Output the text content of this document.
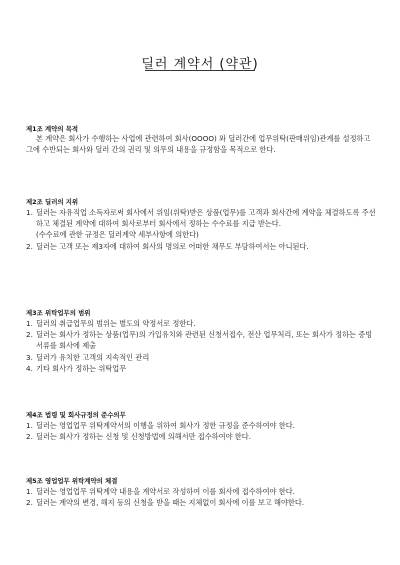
딜러 계약서 (약관)
제1조 계약의 목적

본 계약은 회사가 수행하는 사업에 관련하여 회사(OOOO) 와 딜러간에 업무위탁(판매위임)관계를 설정하고 그에 수반되는 회사와 딜러 간의 권리 및 의무의 내용을 규정함을 목적으로 한다.

제2조 딜러의 지위
1. 딜러는 자유직업 소득자로써 회사에서 위임(위탁)받은 상품(업무)를 고객과 회사간에 계약을 체결하도록 주선하고 체결된 계약에 대하여 회사로부터 회사에서 정하는 수수료를 지급 받는다.
(수수료에 관한 규정은 딜러계약 세부사항에 의한다)
2. 딜러는 고객 또는 제3자에 대하여 회사의 명의로 어떠한 채무도 부담하여서는 아니된다.
제3조 위탁업무의 범위
1. 딜러의 취급업무의 범위는 별도의 약정서로 정한다.
2. 딜러는 회사가 정하는 상품(업무)의 가입유치와 관련된 신청서접수, 전산 업무처리, 또는 회사가 정하는 증빙서류를 회사에 제출
3. 딜러가 유치한 고객의 지속적인 관리
4. 기타 회사가 정하는 위탁업무
제4조 법령 및 회사규정의 준수의무
1. 딜러는 영업업무 위탁계약서의 이행을 위하여 회사가 정한 규정을 준수하여야 한다.
2. 딜러는 회사가 정하는 신청 및 신청방법에 의해서만 접수하여야 한다.
제5조 영업업무 위탁계약의 체결
1. 딜러는 영업업무 위탁계약 내용을 계약서로 작성하여 이를 회사에 접수하여야 한다.
2. 딜러는 계약의 변경, 해지 등의 신청을 받을 때는 지체없이 회사에 이를 보고 해야한다.
